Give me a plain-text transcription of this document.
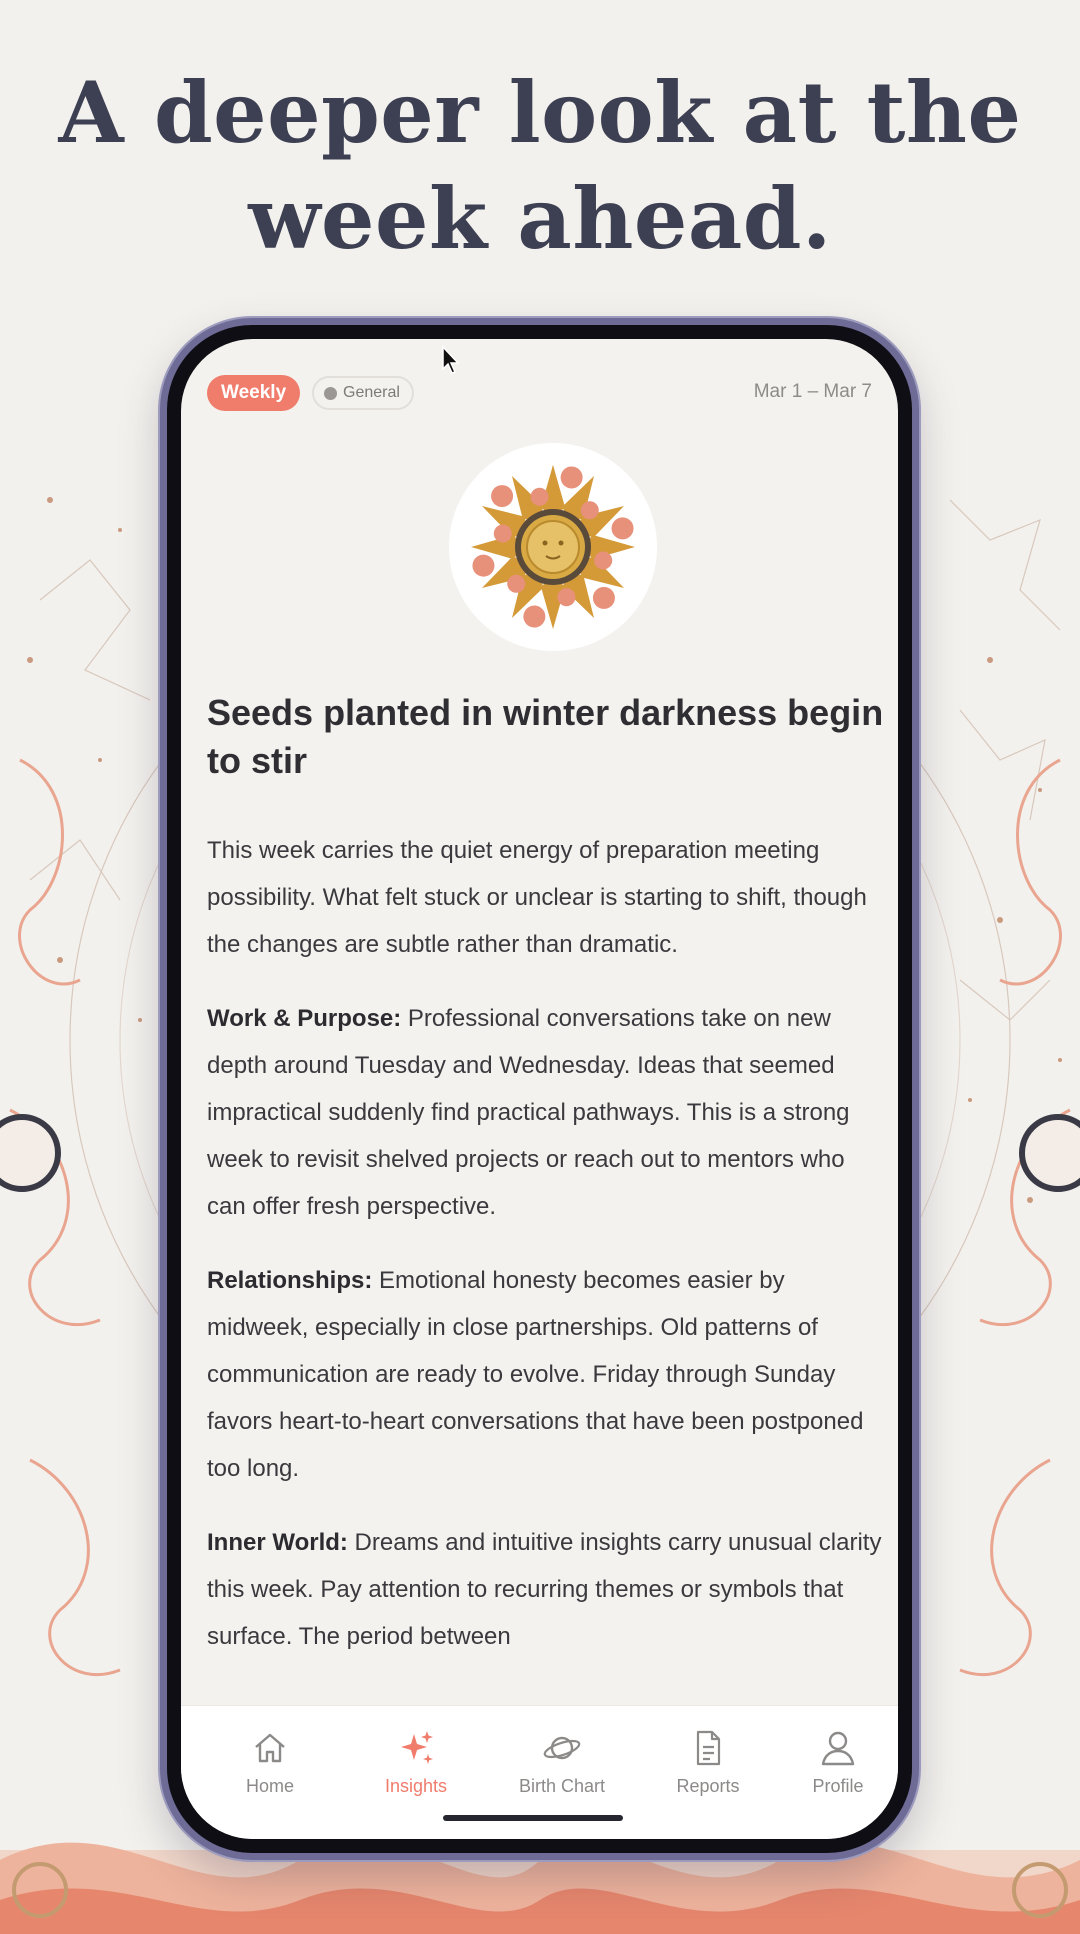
A deeper look at the
week ahead.
Weekly	General	Mar 1 – Mar 7
Seeds planted in winter darkness begin to stir

This week carries the quiet energy of preparation meeting possibility. What felt stuck or unclear is starting to shift, though the changes are subtle rather than dramatic.

Work & Purpose: Professional conversations take on new depth around Tuesday and Wednesday. Ideas that seemed impractical suddenly find practical pathways. This is a strong week to revisit shelved projects or reach out to mentors who can offer fresh perspective.

Relationships: Emotional honesty becomes easier by midweek, especially in close partnerships. Old patterns of communication are ready to evolve. Friday through Sunday favors heart-to-heart conversations that have been postponed too long.

Inner World: Dreams and intuitive insights carry unusual clarity this week. Pay attention to recurring themes or symbols that surface. The period between

Home	Insights	Birth Chart	Reports	Profile
